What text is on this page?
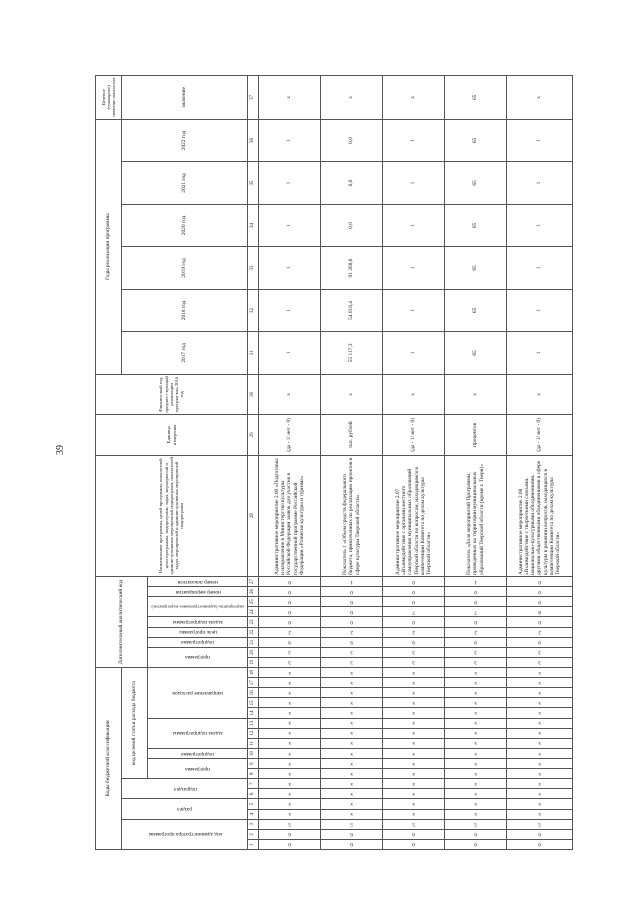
39
Коды бюджетной классификации																		Дополнительный аналитический код									Наименование программы, целей программы, показателей цели программы, подпрограмм, задач, мероприятий и административных мероприятий подпрограмм, показателей задач, мероприятий и административных мероприятий подпрограмм	Единица измерения	Финансо-вый год, предшест-вующий реализации програм-мы, 2016 год	Годы реализации программы						Целевое (суммарное) значение показателя
код администратора программы			раздел		подраздел		код целевой статьи расхода бюджета																							2017 год	2018 год	2019 год	2020 год	2021 год	2022 год	значение
							программа		подпрограмма	задача подпрограммы			направление расходов					программа		подпрограмма	цель программы	задача подпрограммы	мероприятие (административное мероприятие)		номер мероприятия	номер показателя										
1	2	3	4	5	6	7	8	9	10	11	12	13	14	15	16	17	18	19	20	21	22	23	24	25	26	27	28	29	30	31	32	33	34	35	36	37
0	6	5	х	х	х	х	х	х	х	х	х	х	х	х	х	х	х	3	3	9	2	0	0	0	0	0	Административное мероприятие 2.06 «Подготовка и направление в Министерство культуры Российской Федерации заявок для участия в государственной программе Российской Федерации «Развитие культуры и туризма»	(да - 1/ нет - 0)	х	1	1	1	1	1	1	х
0	6	5	х	х	х	х	х	х	х	х	х	х	х	х	х	х	х	3	3	9	2	0	0	0	0	1	Показатель 1 «Объем средств федерального бюджета, привлеченных на реализацию проектов в сфере культуры Тверской области»	тыс. рублей	х	55 117,3	54 018,4	91 268,6	0,0	0,0	0,0	х
0	6	5	х	х	х	х	х	х	х	х	х	х	х	х	х	х	х	3	3	9	2	0	7	0	0	0	Административное мероприятие 2.07 «Взаимодействие с органами местного самоуправления муниципальных образований Тверской области по вопросам, находящимся в компетенции Комитета по делам культуры Тверской области»	(да - 1/ нет - 0)	х	1	1	1	1	1	1	х
0	6	5	х	х	х	х	х	х	х	х	х	х	х	х	х	х	х	3	3	9	2	0	7	0	0	1	Показатель «Доля мероприятий Программы, проведенных на территории муниципальных образований Тверской области (кроме г. Твери)»	процентов	х	65	65	65	65	65	65	65
0	6	5	х	х	х	х	х	х	х	х	х	х	х	х	х	х	х	3	3	9	2	0	8	0	0	0	Административное мероприятие 2.08 «Взаимодействие с творческими союзами, национально-культурными объединениями, другими общественными объединениями в сфере культуры в решении вопросов, находящихся в компетенции Комитета по делам культуры Тверской области»	(да - 1/ нет - 0)	х	1	1	1	1	1	1	х
